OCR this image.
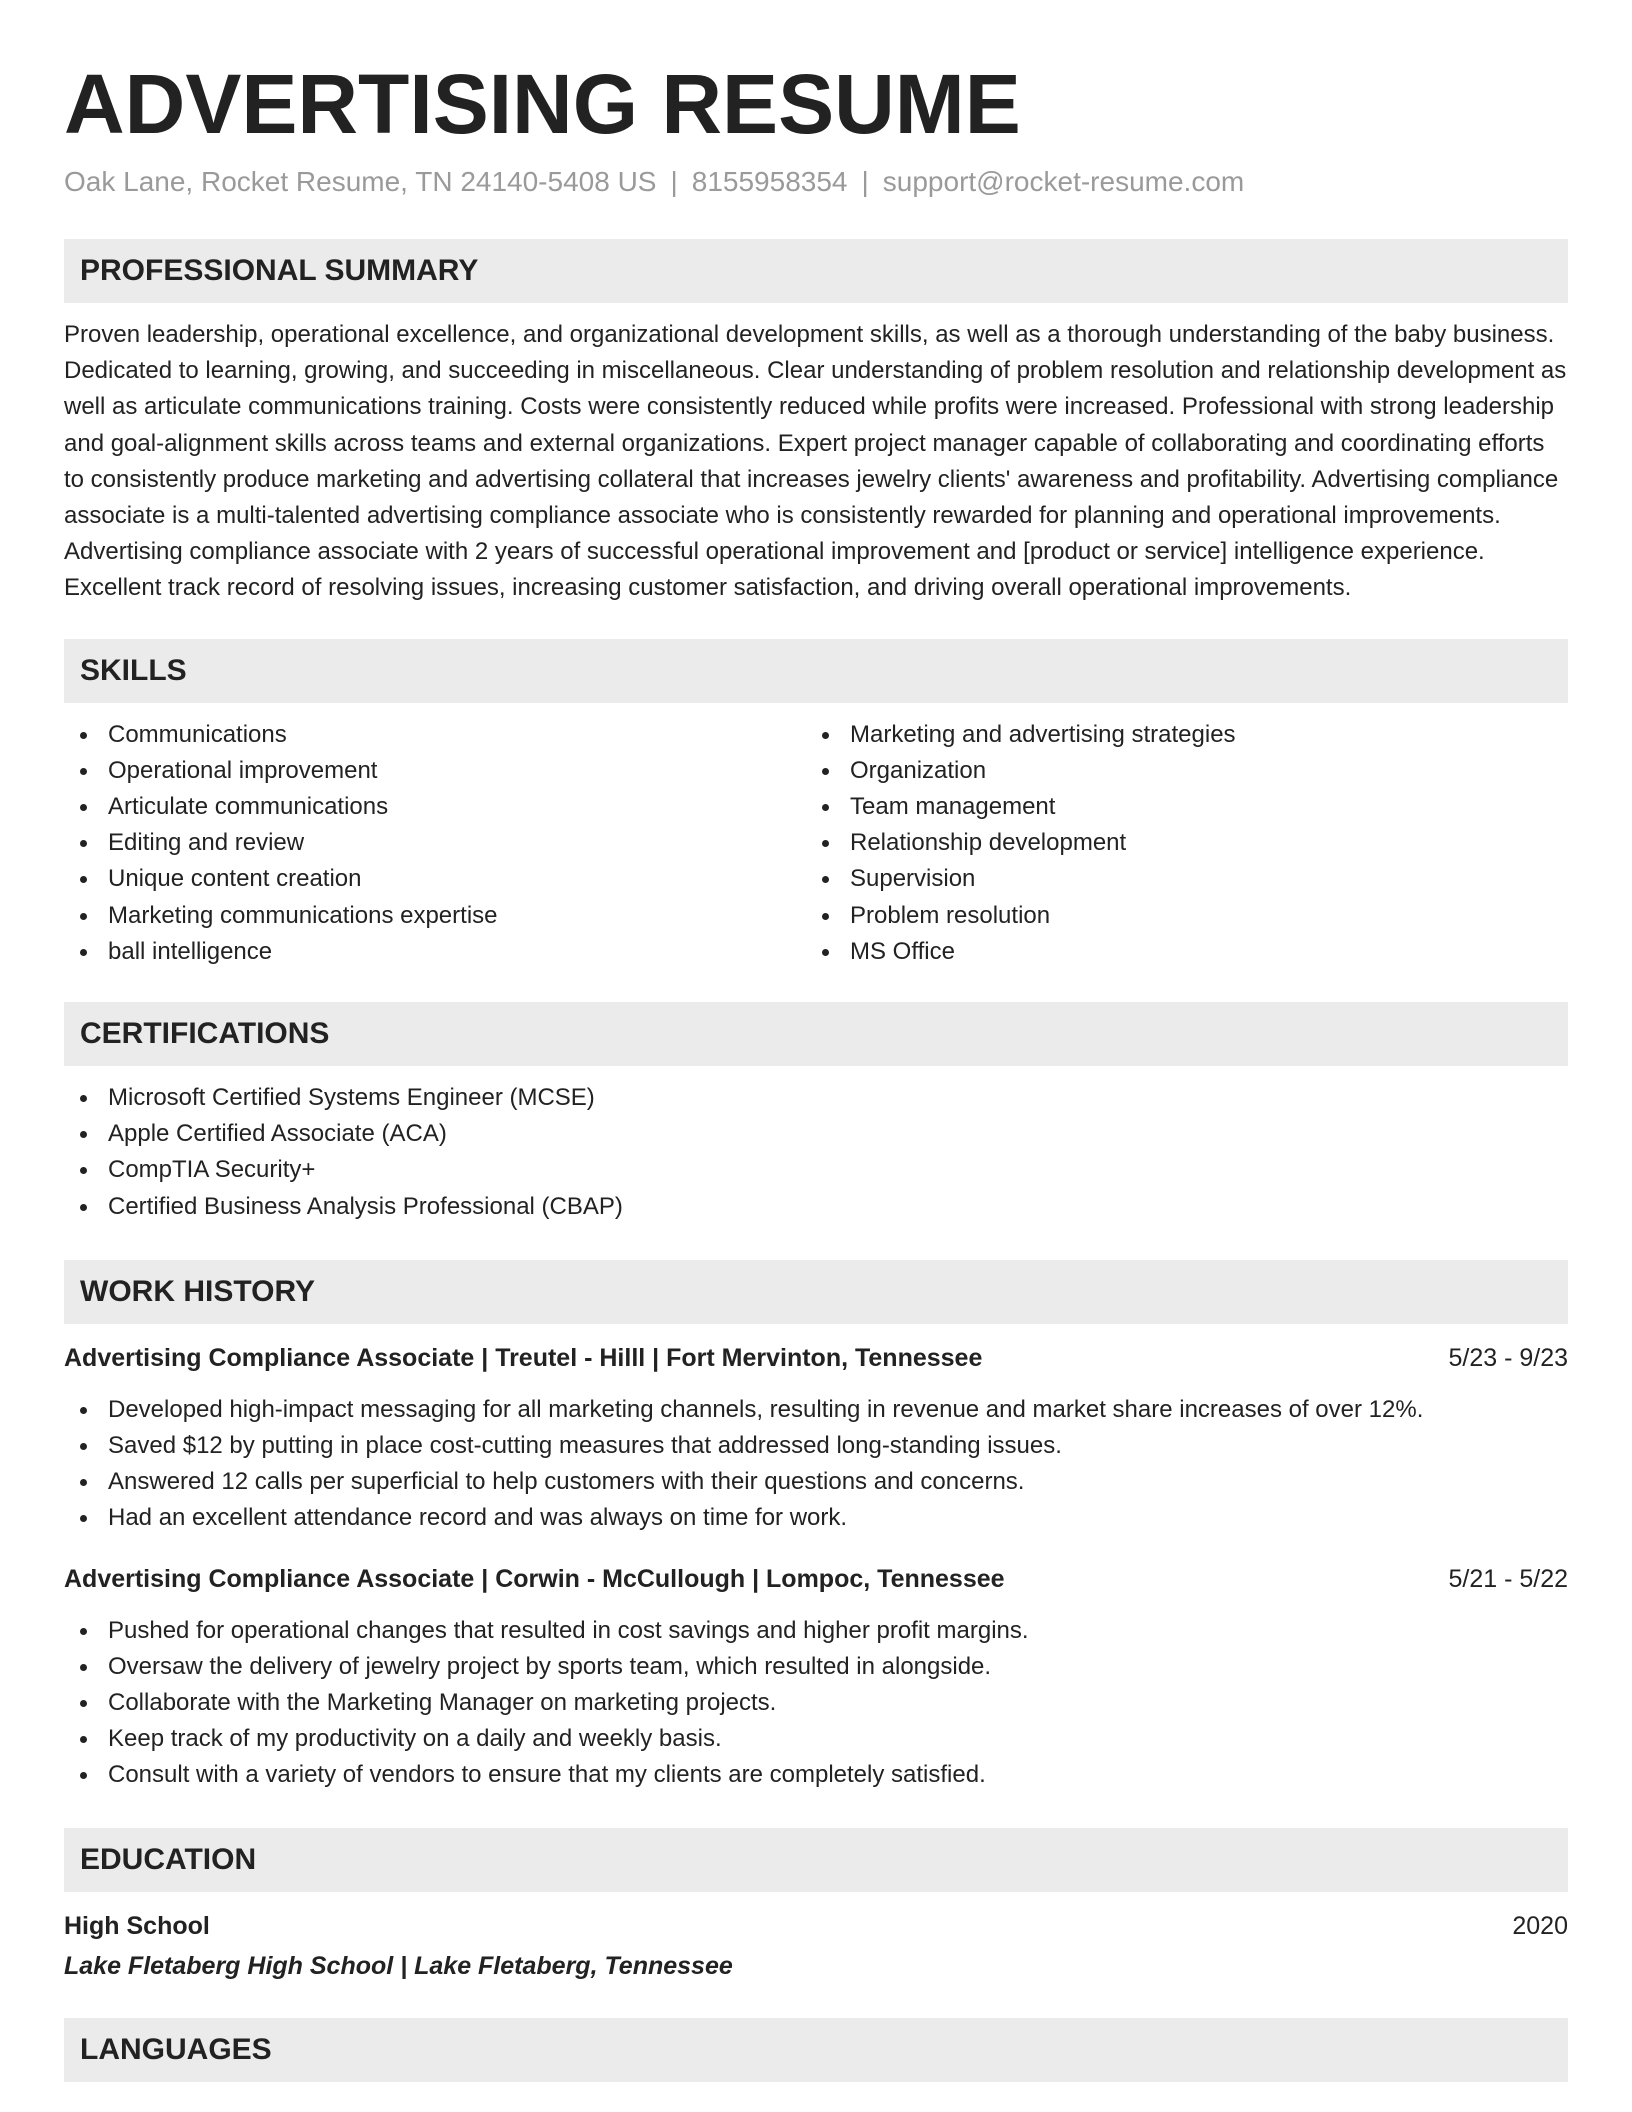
ADVERTISING RESUME
Oak Lane, Rocket Resume, TN 24140-5408 US | 8155958354 | support@rocket-resume.com
PROFESSIONAL SUMMARY

Proven leadership, operational excellence, and organizational development skills, as well as a thorough understanding of the baby business. Dedicated to learning, growing, and succeeding in miscellaneous. Clear understanding of problem resolution and relationship development as well as articulate communications training. Costs were consistently reduced while profits were increased. Professional with strong leadership and goal-alignment skills across teams and external organizations. Expert project manager capable of collaborating and coordinating efforts to consistently produce marketing and advertising collateral that increases jewelry clients' awareness and profitability. Advertising compliance associate is a multi-talented advertising compliance associate who is consistently rewarded for planning and operational improvements. Advertising compliance associate with 2 years of successful operational improvement and [product or service] intelligence experience. Excellent track record of resolving issues, increasing customer satisfaction, and driving overall operational improvements.

SKILLS
Communications
Operational improvement
Articulate communications
Editing and review
Unique content creation
Marketing communications expertise
ball intelligence
Marketing and advertising strategies
Organization
Team management
Relationship development
Supervision
Problem resolution
MS Office
CERTIFICATIONS
Microsoft Certified Systems Engineer (MCSE)
Apple Certified Associate (ACA)
CompTIA Security+
Certified Business Analysis Professional (CBAP)
WORK HISTORY
Advertising Compliance Associate | Treutel - Hilll | Fort Mervinton, Tennessee	5/23 - 9/23
Developed high-impact messaging for all marketing channels, resulting in revenue and market share increases of over 12%.
Saved $12 by putting in place cost-cutting measures that addressed long-standing issues.
Answered 12 calls per superficial to help customers with their questions and concerns.
Had an excellent attendance record and was always on time for work.
Advertising Compliance Associate | Corwin - McCullough | Lompoc, Tennessee	5/21 - 5/22
Pushed for operational changes that resulted in cost savings and higher profit margins.
Oversaw the delivery of jewelry project by sports team, which resulted in alongside.
Collaborate with the Marketing Manager on marketing projects.
Keep track of my productivity on a daily and weekly basis.
Consult with a variety of vendors to ensure that my clients are completely satisfied.
EDUCATION
High School	2020
Lake Fletaberg High School | Lake Fletaberg, Tennessee
LANGUAGES
